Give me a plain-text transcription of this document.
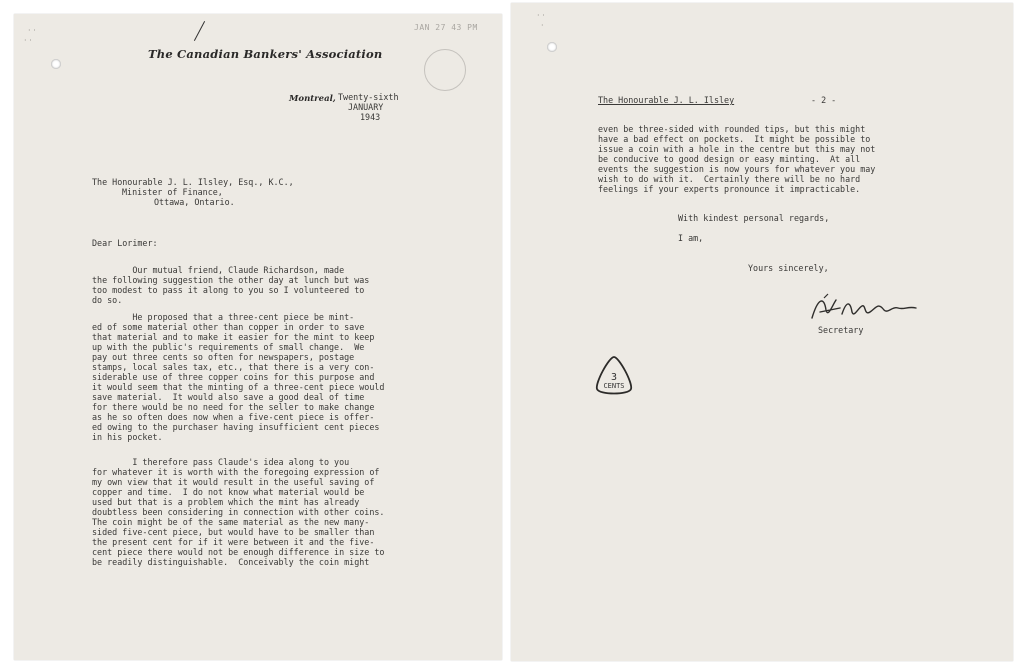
· ·
· ·
JAN 27 43 PM
The Canadian Bankers' Association
Montreal, Twenty-sixth
JANUARY
1943
The Honourable J. L. Ilsley, Esq., K.C.,
Minister of Finance,
Ottawa, Ontario.
Dear Lorimer:
Our mutual friend, Claude Richardson, made
the following suggestion the other day at lunch but was
too modest to pass it along to you so I volunteered to
do so.
He proposed that a three-cent piece be mint-
ed of some material other than copper in order to save
that material and to make it easier for the mint to keep
up with the public's requirements of small change.  We
pay out three cents so often for newspapers, postage
stamps, local sales tax, etc., that there is a very con-
siderable use of three copper coins for this purpose and
it would seem that the minting of a three-cent piece would
save material.  It would also save a good deal of time
for there would be no need for the seller to make change
as he so often does now when a five-cent piece is offer-
ed owing to the purchaser having insufficient cent pieces
in his pocket.
I therefore pass Claude's idea along to you
for whatever it is worth with the foregoing expression of
my own view that it would result in the useful saving of
copper and time.  I do not know what material would be
used but that is a problem which the mint has already
doubtless been considering in connection with other coins.
The coin might be of the same material as the new many-
sided five-cent piece, but would have to be smaller than
the present cent for if it were between it and the five-
cent piece there would not be enough difference in size to
be readily distinguishable.  Conceivably the coin might
· ·
·
The Honourable J. L. Ilsley	- 2 -
even be three-sided with rounded tips, but this might
have a bad effect on pockets.  It might be possible to
issue a coin with a hole in the centre but this may not
be conducive to good design or easy minting.  At all
events the suggestion is now yours for whatever you may
wish to do with it.  Certainly there will be no hard
feelings if your experts pronounce it impracticable.
With kindest personal regards,
I am,
Yours sincerely,
Secretary
3
CENTS
